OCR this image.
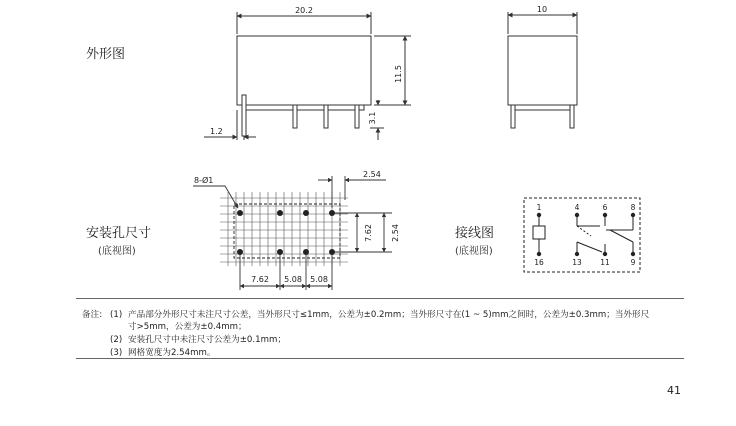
20.2	10
11.5
3.1
1.2
8-Ø1
2.54
7.62 2.54
7.62 5.08 5.08
1	4	6	8
16	13 11	9
外形图
安装孔尺寸
(底视图)
接线图
(底视图)
备注: (1) 产品部分外形尺寸未注尺寸公差，当外形尺寸≤1mm，公差为±0.2mm；当外形尺寸在(1 ~ 5)mm之间时，公差为±0.3mm；当外形尺
寸>5mm，公差为±0.4mm；
(2) 安装孔尺寸中未注尺寸公差为±0.1mm；
(3) 网格宽度为2.54mm。
41
